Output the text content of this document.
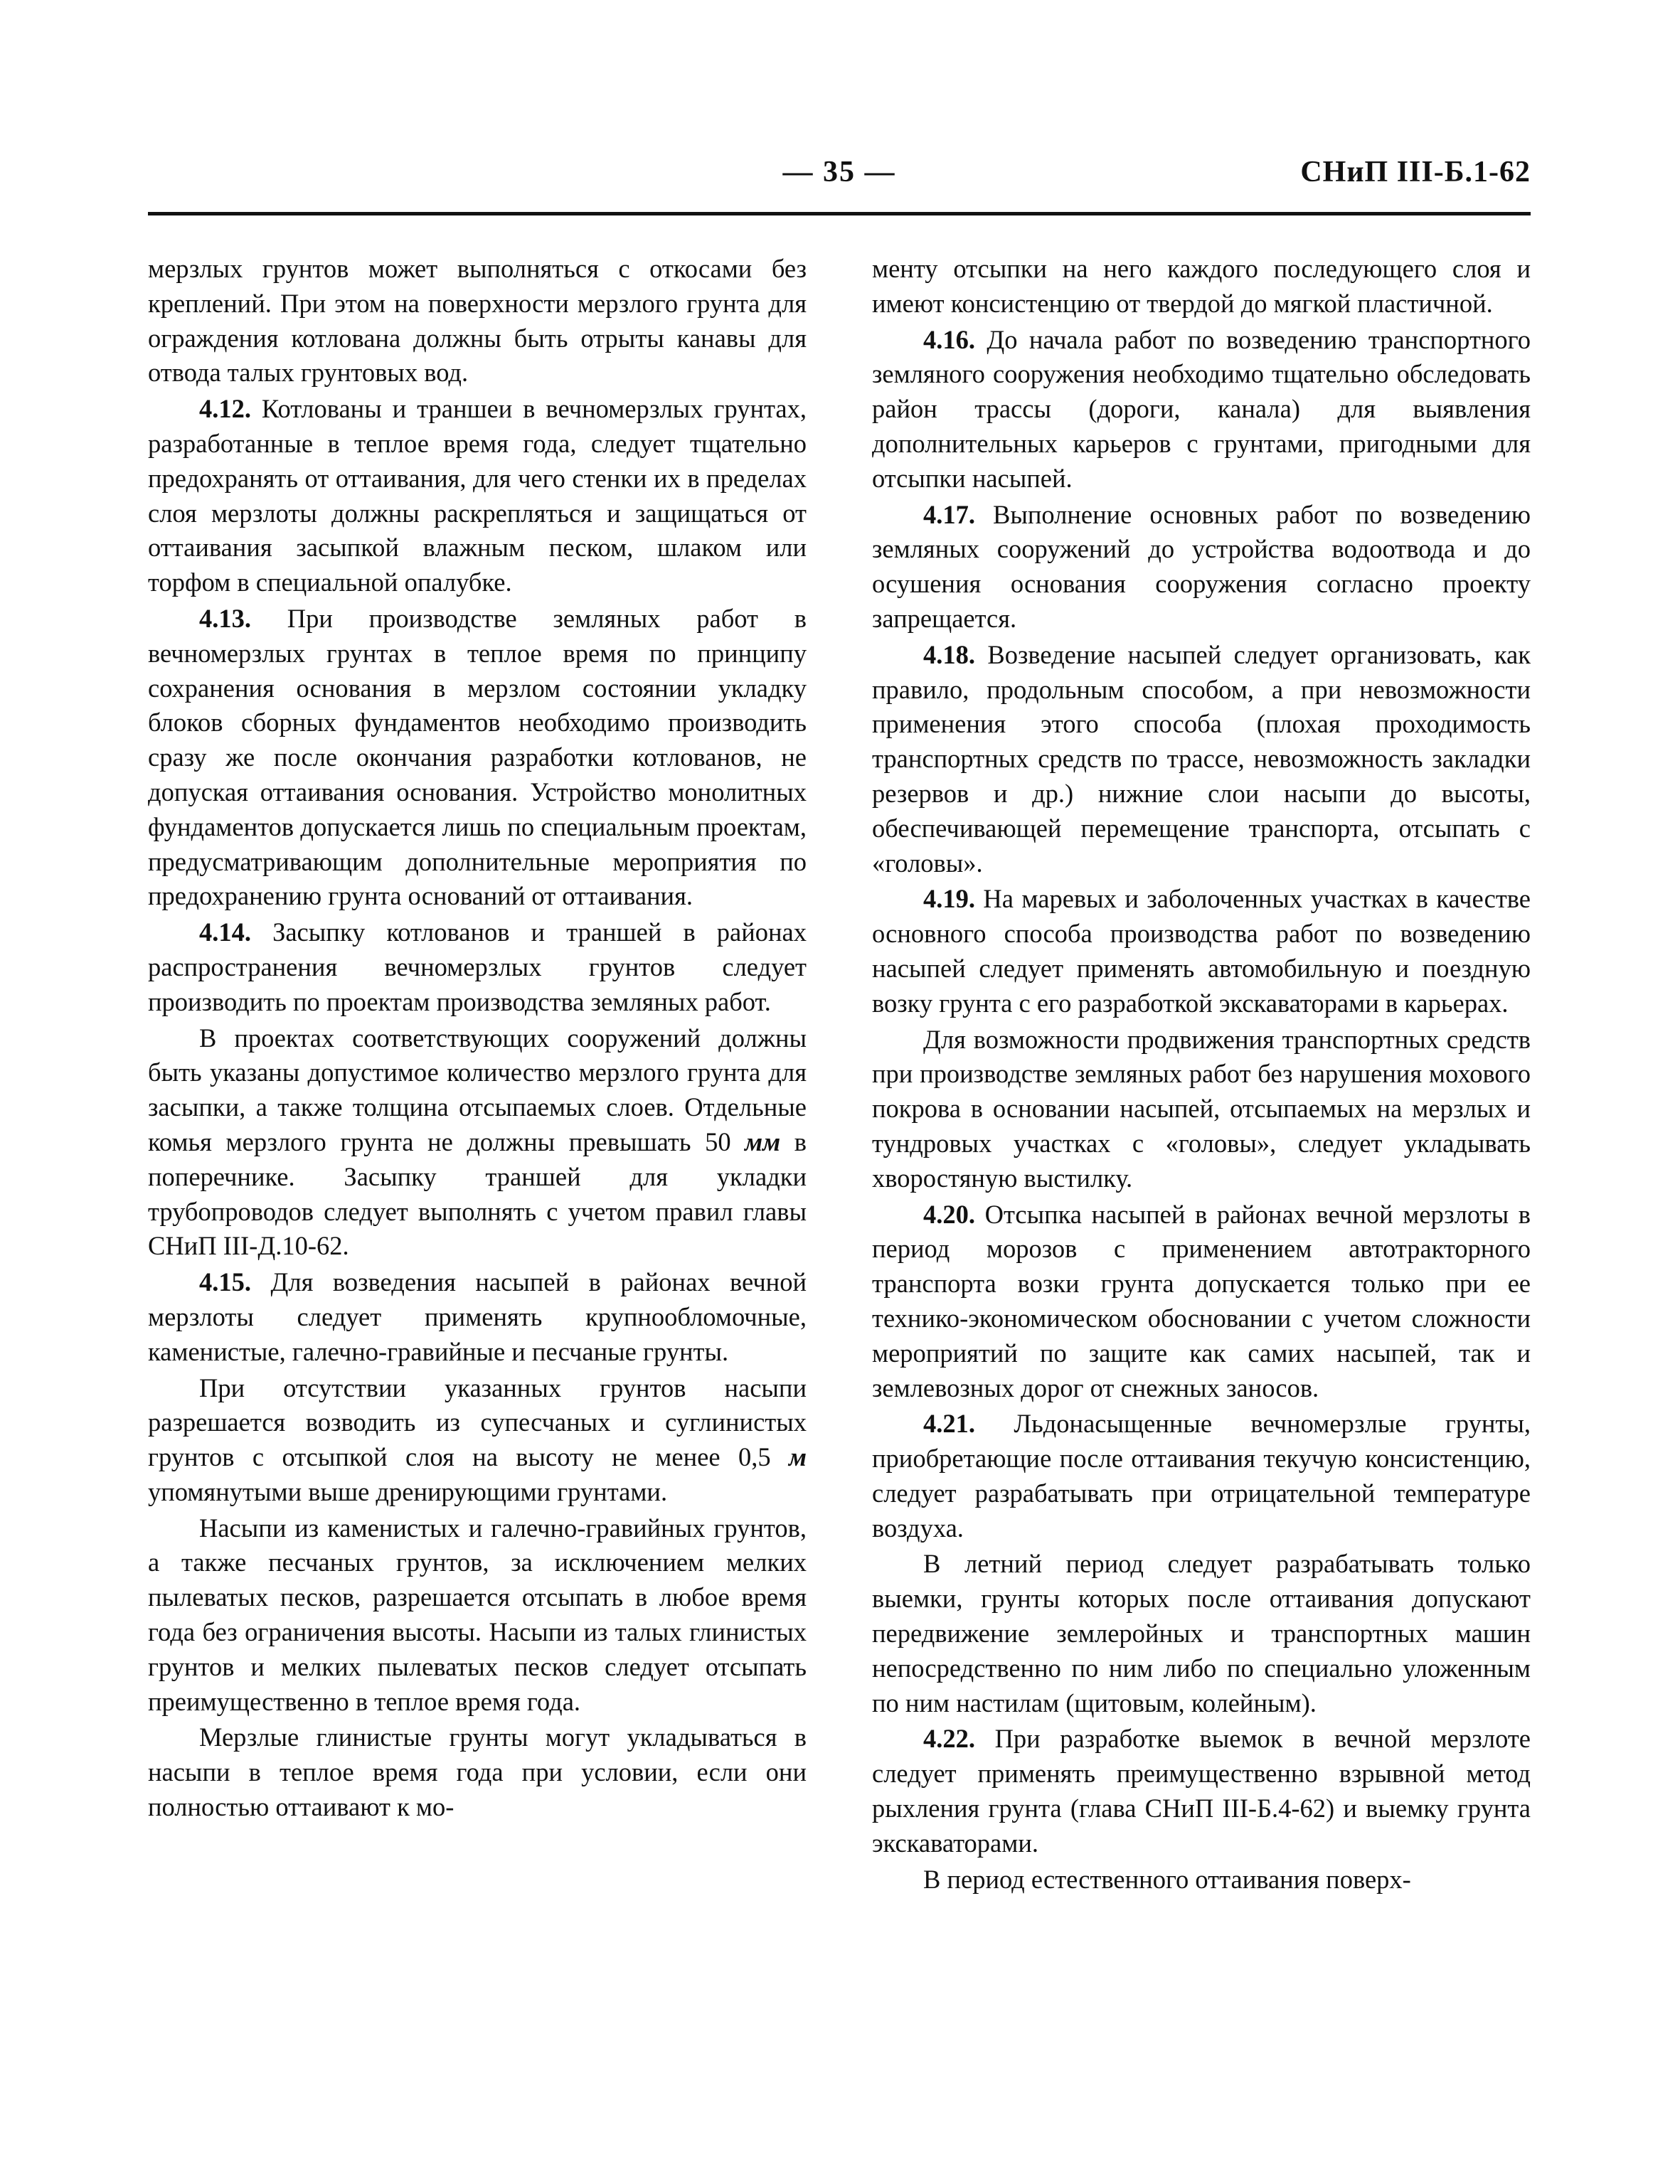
— 35 —	СНиП III-Б.1-62

мерзлых грунтов может выполняться с откосами без креплений. При этом на поверхности мерзлого грунта для ограждения котлована должны быть отрыты канавы для отвода талых грунтовых вод.

4.12. Котлованы и траншеи в вечномерзлых грунтах, разработанные в теплое время года, следует тщательно предохранять от оттаивания, для чего стенки их в пределах слоя мерзлоты должны раскрепляться и защищаться от оттаивания засыпкой влажным песком, шлаком или торфом в специальной опалубке.

4.13. При производстве земляных работ в вечномерзлых грунтах в теплое время по принципу сохранения основания в мерзлом состоянии укладку блоков сборных фундаментов необходимо производить сразу же после окончания разработки котлованов, не допуская оттаивания основания. Устройство монолитных фундаментов допускается лишь по специальным проектам, предусматривающим дополнительные мероприятия по предохранению грунта оснований от оттаивания.

4.14. Засыпку котлованов и траншей в районах распространения вечномерзлых грунтов следует производить по проектам производства земляных работ.

В проектах соответствующих сооружений должны быть указаны допустимое количество мерзлого грунта для засыпки, а также толщина отсыпаемых слоев. Отдельные комья мерзлого грунта не должны превышать 50 мм в поперечнике. Засыпку траншей для укладки трубопроводов следует выполнять с учетом правил главы СНиП III-Д.10-62.

4.15. Для возведения насыпей в районах вечной мерзлоты следует применять крупнообломочные, каменистые, галечно-гравийные и песчаные грунты.

При отсутствии указанных грунтов насыпи разрешается возводить из супесчаных и суглинистых грунтов с отсыпкой слоя на высоту не менее 0,5 м упомянутыми выше дренирующими грунтами.

Насыпи из каменистых и галечно-гравийных грунтов, а также песчаных грунтов, за исключением мелких пылеватых песков, разрешается отсыпать в любое время года без ограничения высоты. Насыпи из талых глинистых грунтов и мелких пылеватых песков следует отсыпать преимущественно в теплое время года.

Мерзлые глинистые грунты могут укладываться в насыпи в теплое время года при условии, если они полностью оттаивают к мо-

менту отсыпки на него каждого последующего слоя и имеют консистенцию от твердой до мягкой пластичной.

4.16. До начала работ по возведению транспортного земляного сооружения необходимо тщательно обследовать район трассы (дороги, канала) для выявления дополнительных карьеров с грунтами, пригодными для отсыпки насыпей.

4.17. Выполнение основных работ по возведению земляных сооружений до устройства водоотвода и до осушения основания сооружения согласно проекту запрещается.

4.18. Возведение насыпей следует организовать, как правило, продольным способом, а при невозможности применения этого способа (плохая проходимость транспортных средств по трассе, невозможность закладки резервов и др.) нижние слои насыпи до высоты, обеспечивающей перемещение транспорта, отсыпать с «головы».

4.19. На маревых и заболоченных участках в качестве основного способа производства работ по возведению насыпей следует применять автомобильную и поездную возку грунта с его разработкой экскаваторами в карьерах.

Для возможности продвижения транспортных средств при производстве земляных работ без нарушения мохового покрова в основании насыпей, отсыпаемых на мерзлых и тундровых участках с «головы», следует укладывать хворостяную выстилку.

4.20. Отсыпка насыпей в районах вечной мерзлоты в период морозов с применением автотракторного транспорта возки грунта допускается только при ее технико-экономическом обосновании с учетом сложности мероприятий по защите как самих насыпей, так и землевозных дорог от снежных заносов.

4.21. Льдонасыщенные вечномерзлые грунты, приобретающие после оттаивания текучую консистенцию, следует разрабатывать при отрицательной температуре воздуха.

В летний период следует разрабатывать только выемки, грунты которых после оттаивания допускают передвижение землеройных и транспортных машин непосредственно по ним либо по специально уложенным по ним настилам (щитовым, колейным).

4.22. При разработке выемок в вечной мерзлоте следует применять преимущественно взрывной метод рыхления грунта (глава СНиП III-Б.4-62) и выемку грунта экскаваторами.

В период естественного оттаивания поверх-
